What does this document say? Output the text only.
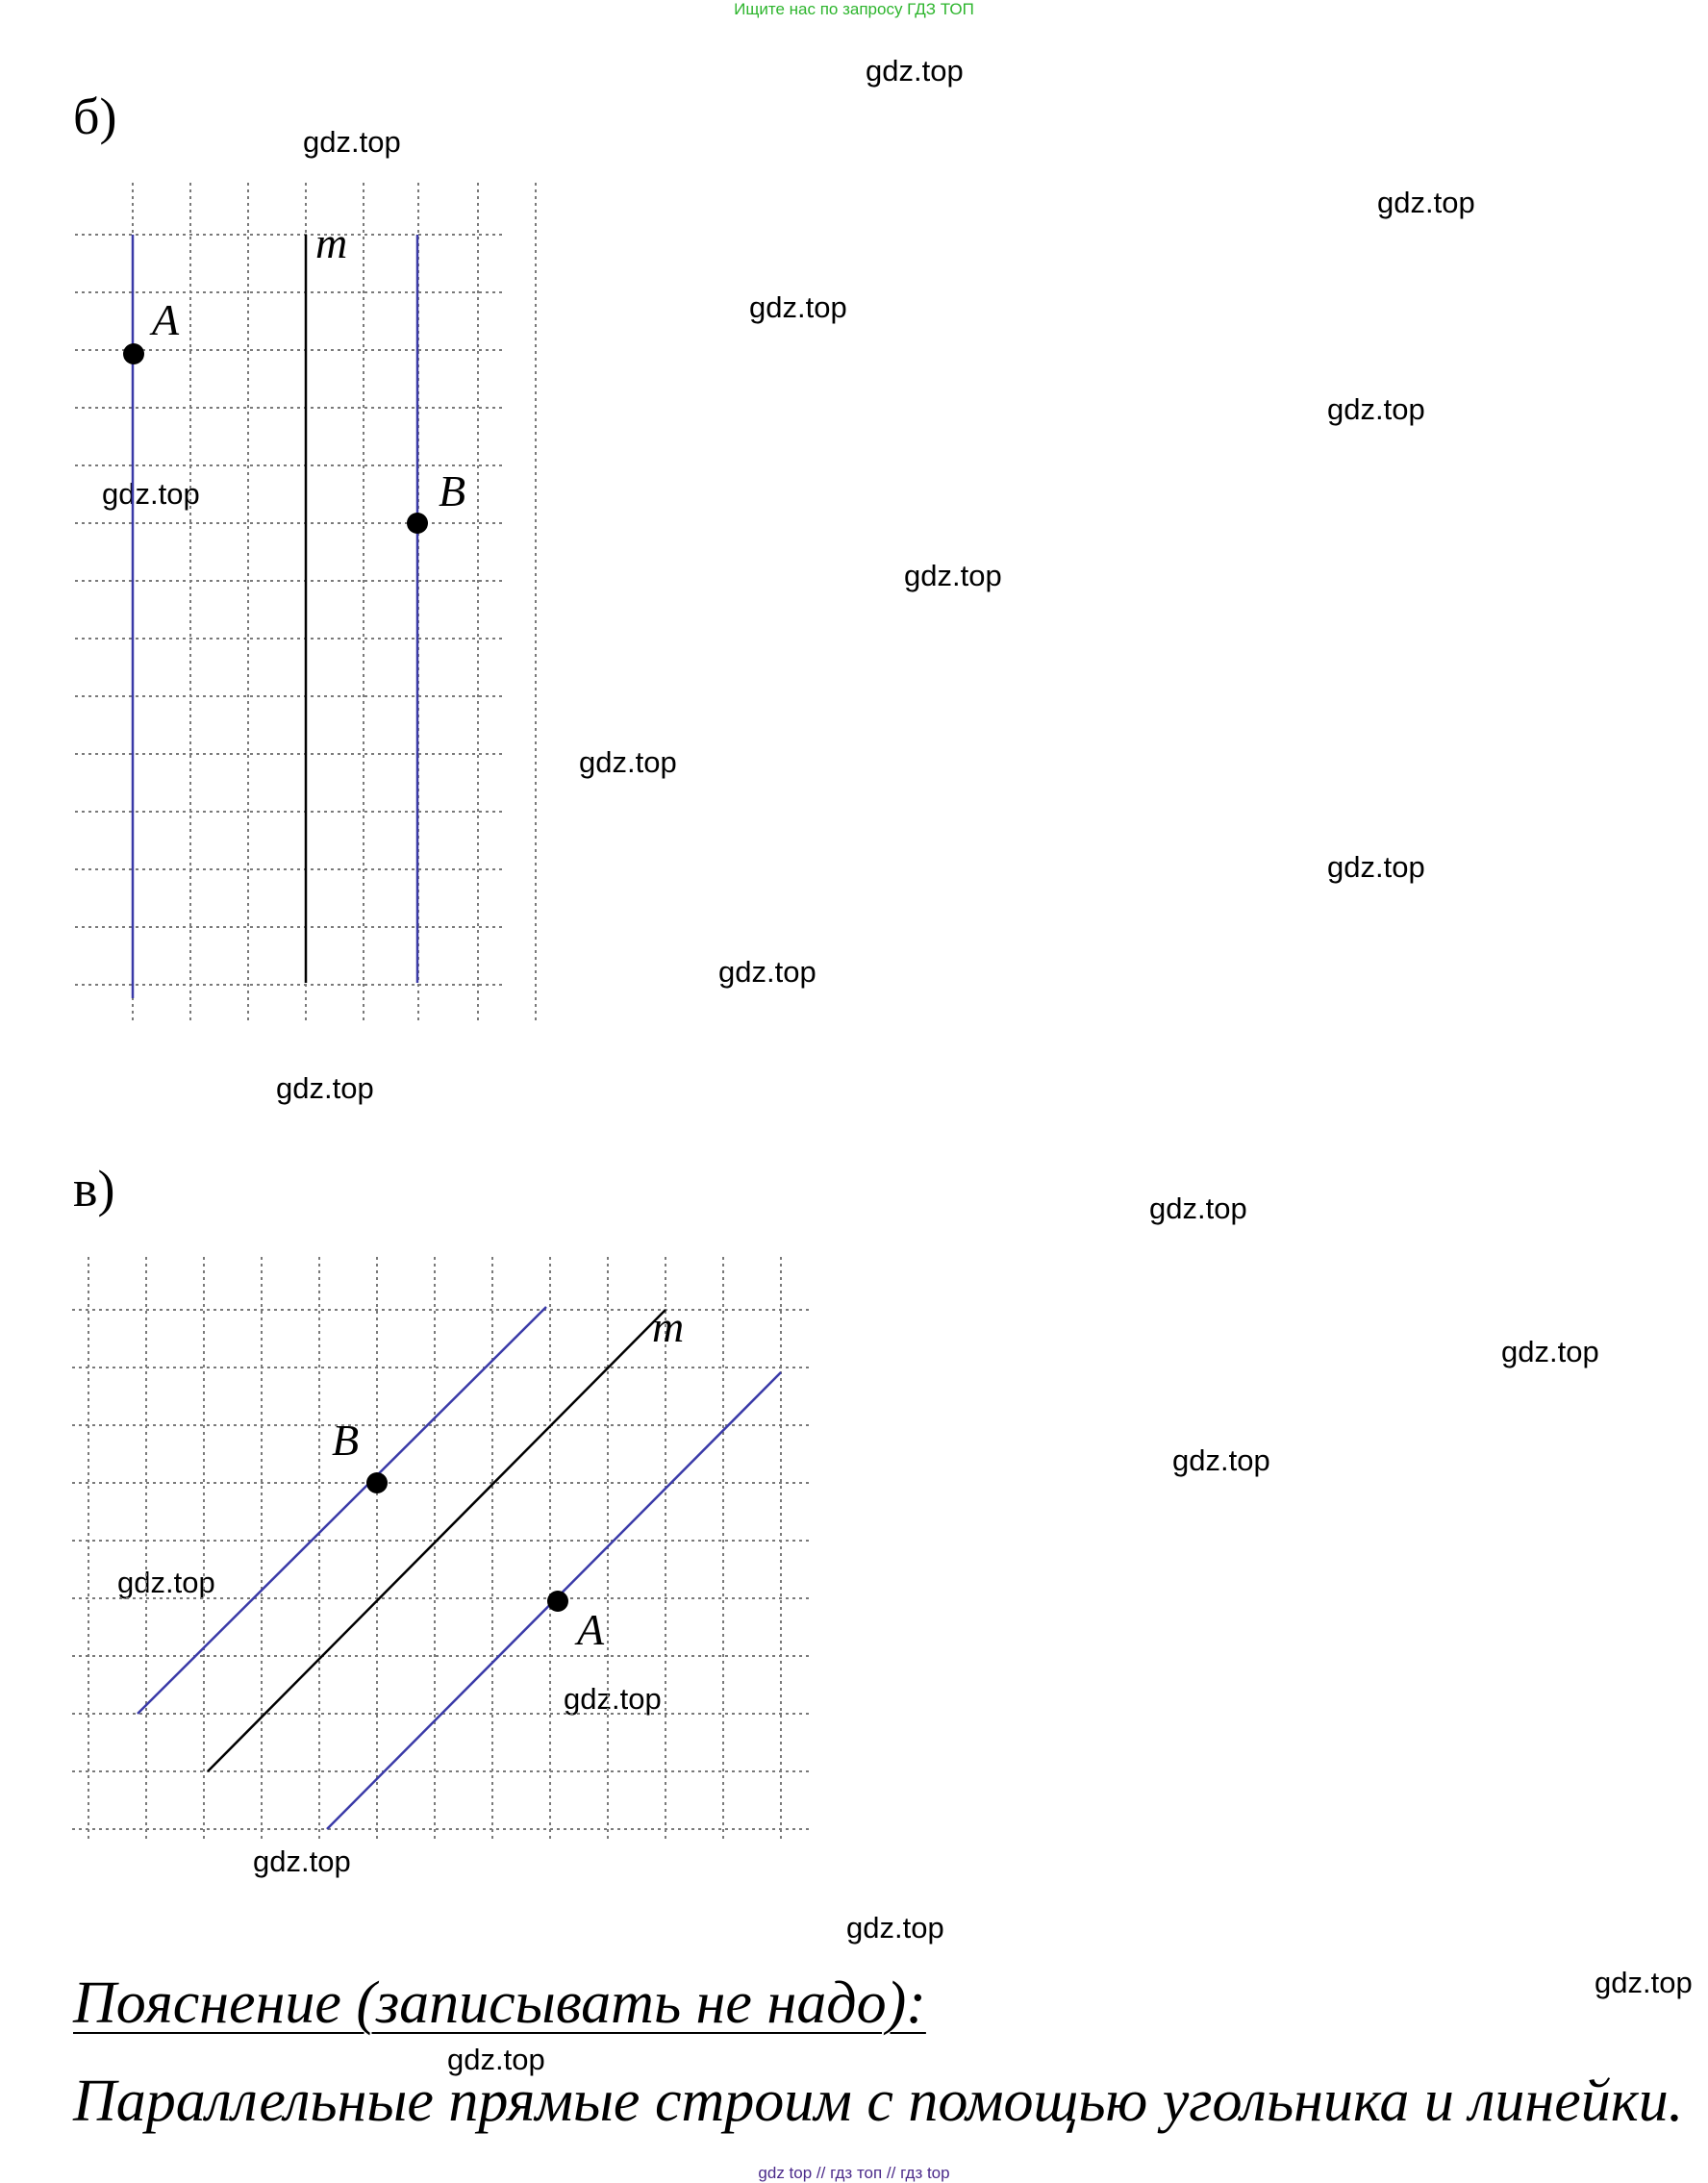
Ищите нас по запросу ГДЗ ТОП
gdz.top
gdz.top
gdz.top
gdz.top
gdz.top
gdz.top
gdz.top
gdz.top
gdz.top
gdz.top
gdz.top
gdz.top
gdz.top
gdz.top
gdz.top
gdz.top
gdz.top
gdz.top
gdz.top
gdz.top
б)
m
A
B
в)
m
B
A
Пояснение (записывать не надо):
Параллельные прямые строим с помощью угольника и линейки.
gdz top // гдз топ // гдз top
